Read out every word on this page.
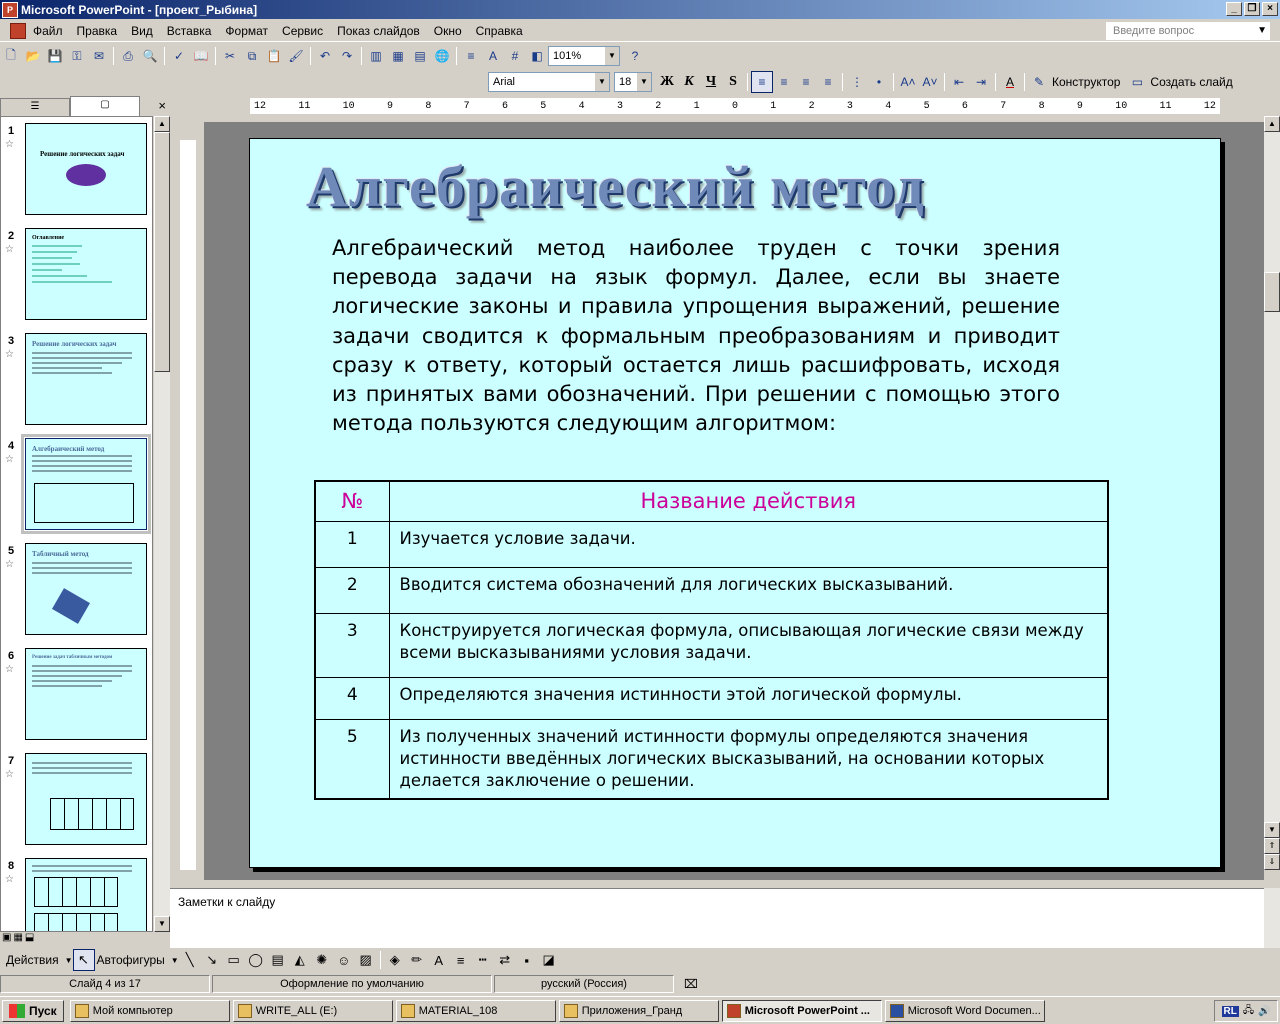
P Microsoft PowerPoint - [проект_Рыбина]	_	❐	×
Файл	Правка	Вид	Вставка	Формат	Сервис	Показ слайдов	Окно	Справка	Введите вопрос	▼
🗋 📂 💾 ⚿	✉	⎙ 🔍	✓ 📖	✂	⧉ 📋 🖌	↶ ↷	▥ ▦ ▤ 🌐	≡	A	#	◧ 101%	▼	?
Arial	▼ 18	▼ Ж К Ч S	≡	≡	≡	≡	⋮	•	A˄ A˅	⇤ ⇥	A	✎ Конструктор ▭ Создать слайд
☰	▢	×
1
☆
Решение логических задач
2
☆
Оглавление
3
☆
Решение логических задач
4
☆
Алгебраический метод
5
☆
Табличный метод
6
☆
Решение задач табличным методом
7
☆
8
☆
▲
▼
12	11	10	9	8	7	6	5	4	3	2	1	0	1	2	3	4	5	6	7	8	9	10	11	12
Алгебраический метод
Алгебраический метод наиболее труден с точки зрения перевода задачи на язык формул. Далее, если вы знаете логические законы и правила упрощения выражений, решение задачи сводится к формальным преобразованиям и приводит сразу к ответу, который остается лишь расшифровать, исходя из принятых вами обозначений. При решении с помощью этого метода пользуются следующим алгоритмом:
№	Название действия
1	Изучается условие задачи.
2	Вводится система обозначений для логических высказываний.
3	Конструируется логическая формула, описывающая логические связи между всеми высказываниями условия задачи.
4	Определяются значения истинности этой логической формулы.
5	Из полученных значений истинности формулы определяются значения истинности введённых логических высказываний, на основании которых делается заключение о решении.
▲
▼
⇑
⇓
Заметки к слайду
▣ ▦ ⬓
Действия ▼ ↖ Автофигуры ▼ ╲ ↘ ▭ ◯ ▤ ◭ ✺ ☺ ▨	◈ ✏ A	≡	┅ ⇄	▪	◪
Слайд 4 из 17	Оформление по умолчанию	русский (Россия)	⌧
Пуск	Мой компьютер	WRITE_ALL (E:)	MATERIAL_108	Приложения_Гранд	Microsoft PowerPoint ...	Microsoft Word Documen...	RL 🖧 🔊
